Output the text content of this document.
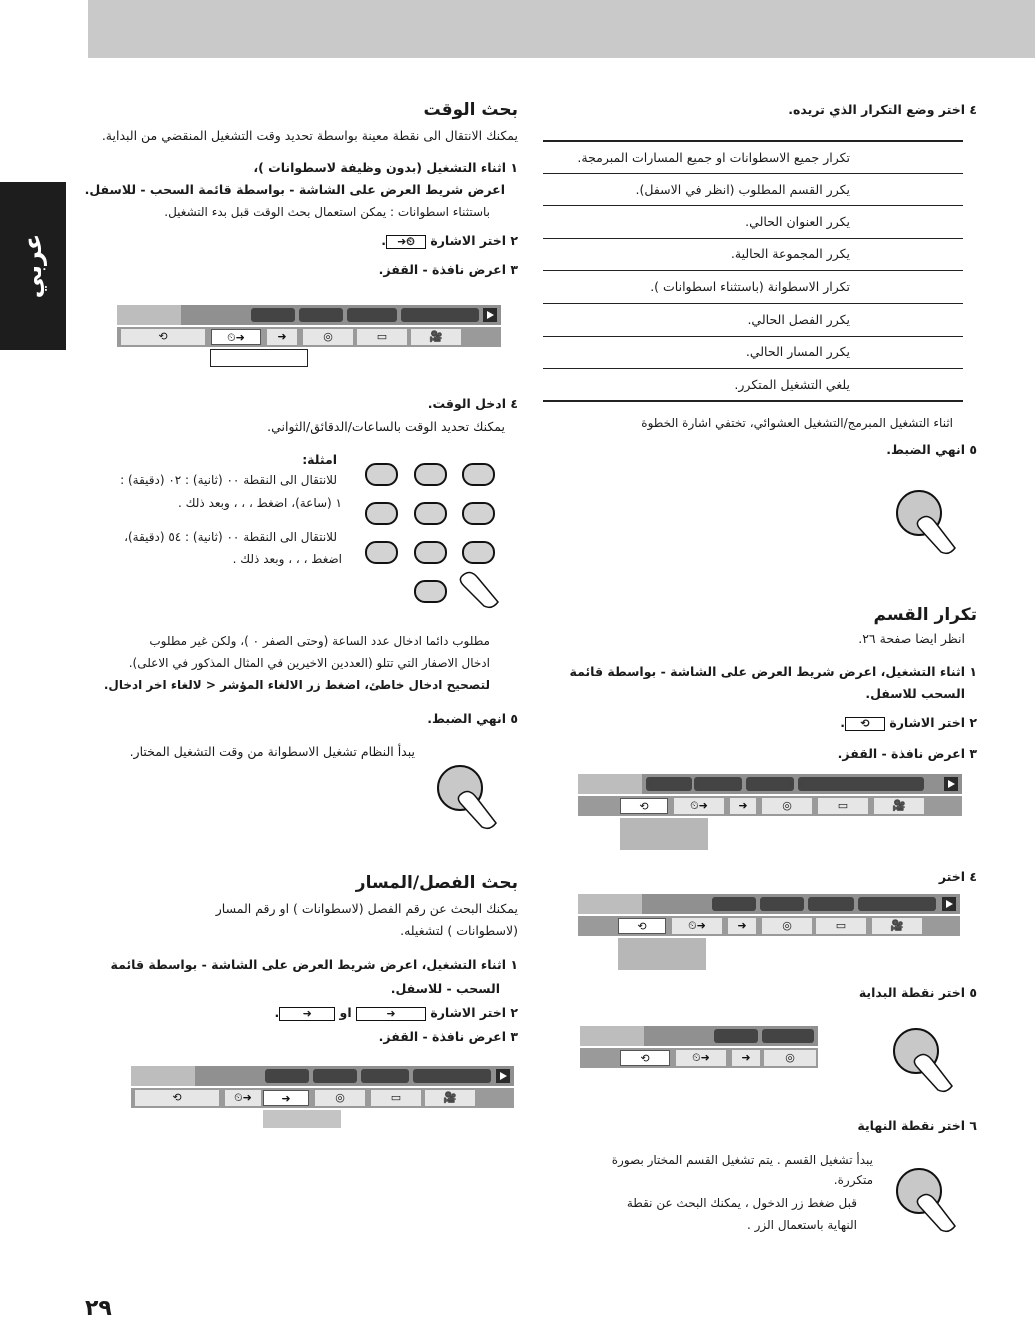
عربي
٤ اختر وضع التكرار الذي تريده.
تكرار جميع الاسطوانات او جميع المسارات المبرمجة.
يكرر القسم المطلوب (انظر في الاسفل).
يكرر العنوان الحالي.
يكرر المجموعة الحالية.
تكرار الاسطوانة (باستثناء اسطوانات ).
يكرر الفصل الحالي.
يكرر المسار الحالي.
يلغي التشغيل المتكرر.
اثناء التشغيل المبرمج/التشغيل العشوائي، تختفي اشارة الخطوة
٥ انهي الضبط.
تكرار القسم
انظر ايضا صفحة ٢٦.
١ اثناء التشغيل، اعرض شريط العرض على الشاشة - بواسطة قائمة
السحب للاسفل.
٢ اختر الاشارة ⟲.
٣ اعرض نافذة - القفز.
⟲	⏲➜	➜	◎	▭	🎥
٤ اختر
⟲	⏲➜	➜	◎	▭	🎥
٥ اختر نقطة البداية
⟲	⏲➜	➜	◎
٦ اختر نقطة النهاية
يبدأ تشغيل القسم . يتم تشغيل القسم المختار بصورة
متكررة.
قبل ضغط زر الدخول ، يمكنك البحث عن نقطة
النهاية باستعمال الزر .
بحث الوقت
يمكنك الانتقال الى نقطة معينة بواسطة تحديد وقت التشغيل المنقضي من البداية.
١ اثناء التشغيل (بدون وظيفة لاسطوانات )،
اعرض شريط العرض على الشاشة - بواسطة قائمة السحب - للاسفل.
باستثناء اسطوانات : يمكن استعمال بحث الوقت قبل بدء التشغيل.
٢ اختر الاشارة ⏲➜.
٣ اعرض نافذة - القفز.
⟲	⏲➜	➜	◎	▭	🎥
٤ ادخل الوقت.
يمكنك تحديد الوقت بالساعات/الدقائق/الثواني.
امثلة:
للانتقال الى النقطة ٠٠ (ثانية) : ٠٢ (دقيقة) :
١ (ساعة)، اضغط ، ، ، وبعد ذلك .
للانتقال الى النقطة ٠٠ (ثانية) : ٥٤ (دقيقة)،
اضغط ، ، ، وبعد ذلك .
مطلوب دائما ادخال عدد الساعة (وحتى الصفر ٠ )، ولكن غير مطلوب
ادخال الاصفار التي تتلو (العددين الاخيرين في المثال المذكور في الاعلى).
لتصحيح ادخال خاطئ، اضغط زر الالغاء المؤشر < لالغاء اخر ادخال.
٥ انهي الضبط.
يبدأ النظام تشغيل الاسطوانة من وقت التشغيل المختار.
بحث الفصل/المسار
يمكنك البحث عن رقم الفصل (لاسطوانات ) او رقم المسار
(لاسطوانات ) لتشغيله.
١ اثناء التشغيل، اعرض شريط العرض على الشاشة - بواسطة قائمة
السحب - للاسفل.
٢ اختر الاشارة ➜ او ➜.
٣ اعرض نافذة - القفز.
⟲	⏲➜	➜	◎	▭	🎥
٢٩
